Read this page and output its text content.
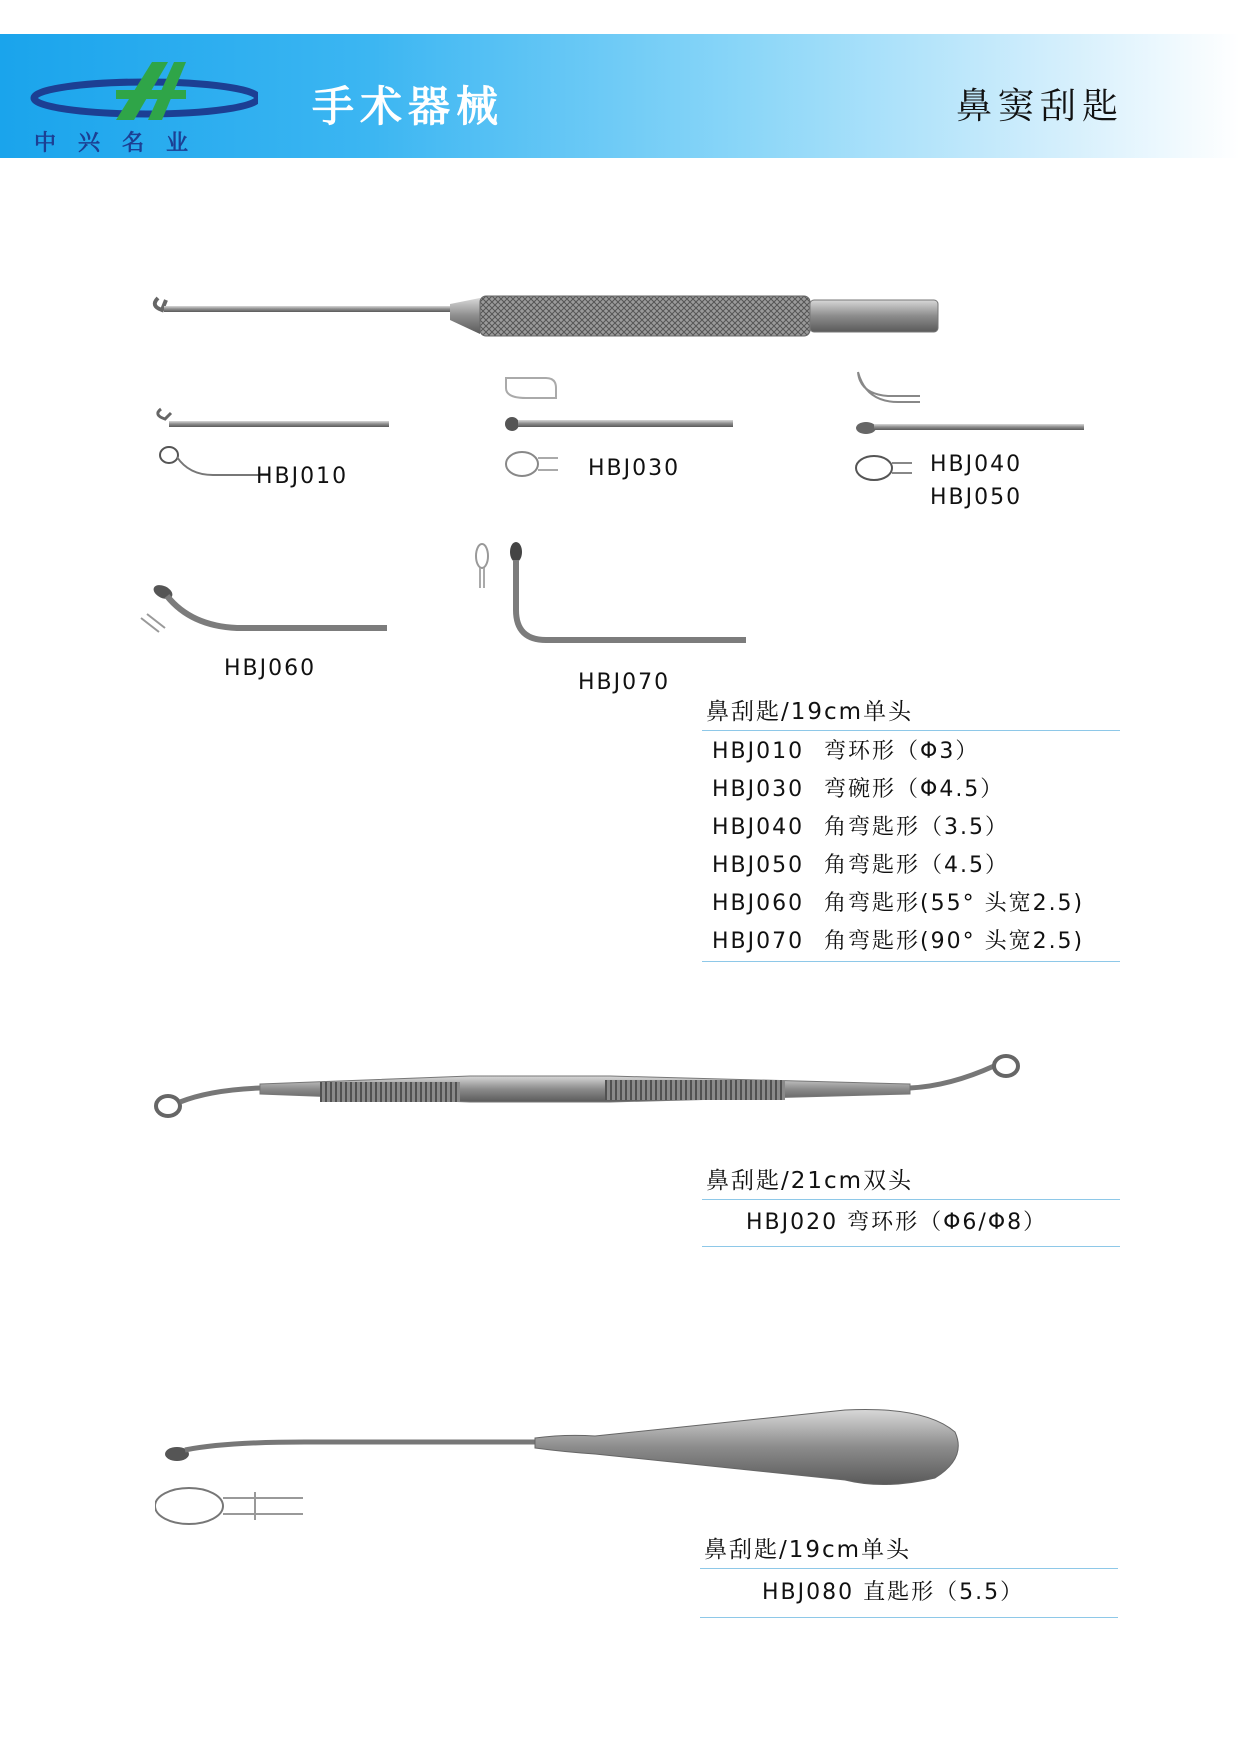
中兴名业
手术器械	鼻窦刮匙
HBJ010	HBJ030	HBJ040
HBJ050
HBJ060
HBJ070
鼻刮匙/19cm单头
HBJ010 弯环形（Φ3）
HBJ030 弯碗形（Φ4.5）
HBJ040 角弯匙形（3.5）
HBJ050 角弯匙形（4.5）
HBJ060 角弯匙形(55° 头宽2.5)
HBJ070 角弯匙形(90° 头宽2.5)
鼻刮匙/21cm双头
HBJ020 弯环形（Φ6/Φ8）
鼻刮匙/19cm单头
HBJ080 直匙形（5.5）
